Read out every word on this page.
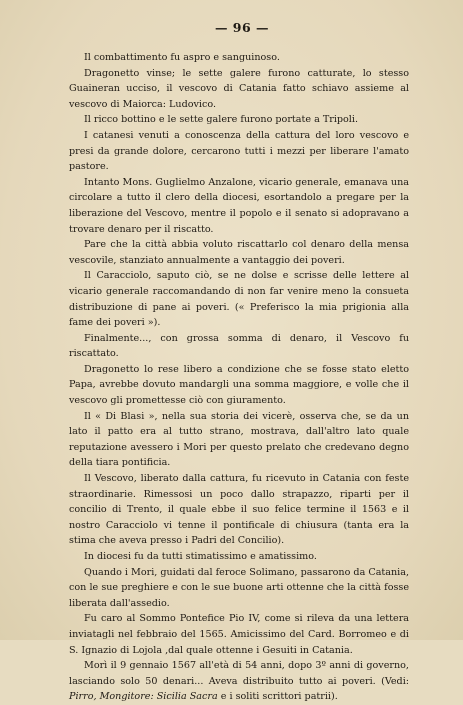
— 96 —

Il combattimento fu aspro e sanguinoso.

Dragonetto vinse; le sette galere furono catturate, lo stesso Guaineran ucciso, il vescovo di Catania fatto schiavo assieme al vescovo di Maiorca: Ludovico.

Il ricco bottino e le sette galere furono portate a Tripoli.

I catanesi venuti a conoscenza della cattura del loro vescovo e presi da grande dolore, cercarono tutti i mezzi per liberare l'amato pastore.

Intanto Mons. Guglielmo Anzalone, vicario generale, emanava una circolare a tutto il clero della diocesi, esortandolo a pregare per la liberazione del Vescovo, mentre il popolo e il senato si adopravano a trovare denaro per il riscatto.

Pare che la città abbia voluto riscattarlo col denaro della mensa vescovile, stanziato annualmente a vantaggio dei poveri.

Il Caracciolo, saputo ciò, se ne dolse e scrisse delle lettere al vicario generale raccomandando di non far venire meno la consueta distribuzione di pane ai poveri. (« Preferisco la mia prigionia alla fame dei poveri »).

Finalmente..., con grossa somma di denaro, il Vescovo fu riscattato.

Dragonetto lo rese libero a condizione che se fosse stato eletto Papa, avrebbe dovuto mandargli una somma maggiore, e volle che il vescovo gli promettesse ciò con giuramento.

Il « Di Blasi », nella sua storia dei vicerè, osserva che, se da un lato il patto era al tutto strano, mostrava, dall'altro lato quale reputazione avessero i Mori per questo prelato che credevano degno della tiara pontificia.

Il Vescovo, liberato dalla cattura, fu ricevuto in Catania con feste straordinarie. Rimessosi un poco dallo strapazzo, riparti per il concilio di Trento, il quale ebbe il suo felice termine il 1563 e il nostro Caracciolo vi tenne il pontificale di chiusura (tanta era la stima che aveva presso i Padri del Concilio).

In diocesi fu da tutti stimatissimo e amatissimo.

Quando i Mori, guidati dal feroce Solimano, passarono da Catania, con le sue preghiere e con le sue buone arti ottenne che la città fosse liberata dall'assedio.

Fu caro al Sommo Pontefice Pio IV, come si rileva da una lettera inviatagli nel febbraio del 1565. Amicissimo del Card. Borromeo e di S. Ignazio di Lojola ,dal quale ottenne i Gesuiti in Catania.

Morì il 9 gennaio 1567 all'età di 54 anni, dopo 3º anni di governo, lasciando solo 50 denari... Aveva distribuito tutto ai poveri. (Vedi: Pirro, Mongitore: Sicilia Sacra e i soliti scrittori patrii).
